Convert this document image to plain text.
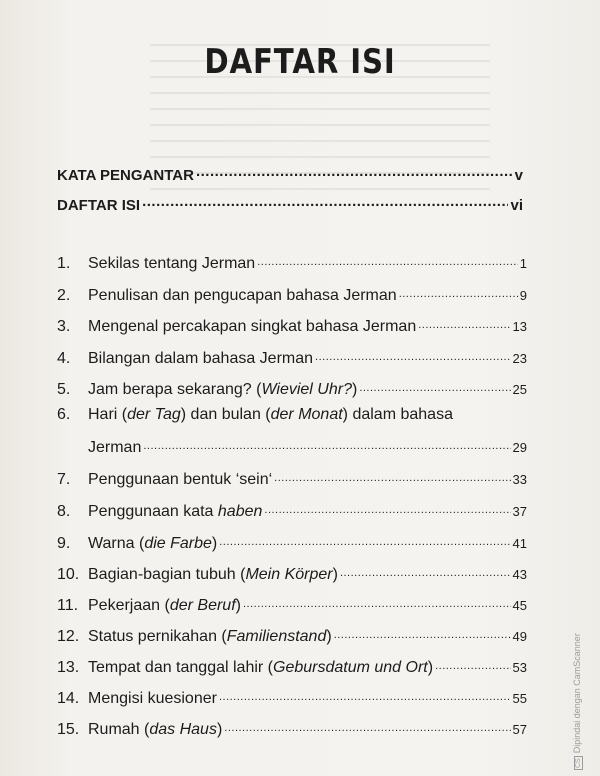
DAFTAR ISI
KATA PENGANTAR .....	v
DAFTAR ISI .....	vi
1. Sekilas tentang Jerman .....	1
2. Penulisan dan pengucapan bahasa Jerman .....	9
3. Mengenal percakapan singkat bahasa Jerman .....	13
4. Bilangan dalam bahasa Jerman .....	23
5. Jam berapa sekarang? (Wieviel Uhr?) .....	25
6. Hari (der Tag) dan bulan (der Monat) dalam bahasa
Jerman .....	29
7. Penggunaan bentuk ‘sein‘ .....	33
8. Penggunaan kata haben .....	37
9. Warna (die Farbe) .....	41
10. Bagian-bagian tubuh (Mein Körper) .....	43
11. Pekerjaan (der Beruf) .....	45
12. Status pernikahan (Familienstand) .....	49
13. Tempat dan tanggal lahir (Gebursdatum und Ort) .....	53
14. Mengisi kuesioner .....	55
15. Rumah (das Haus) .....	57
CSDipindai dengan CamScanner
